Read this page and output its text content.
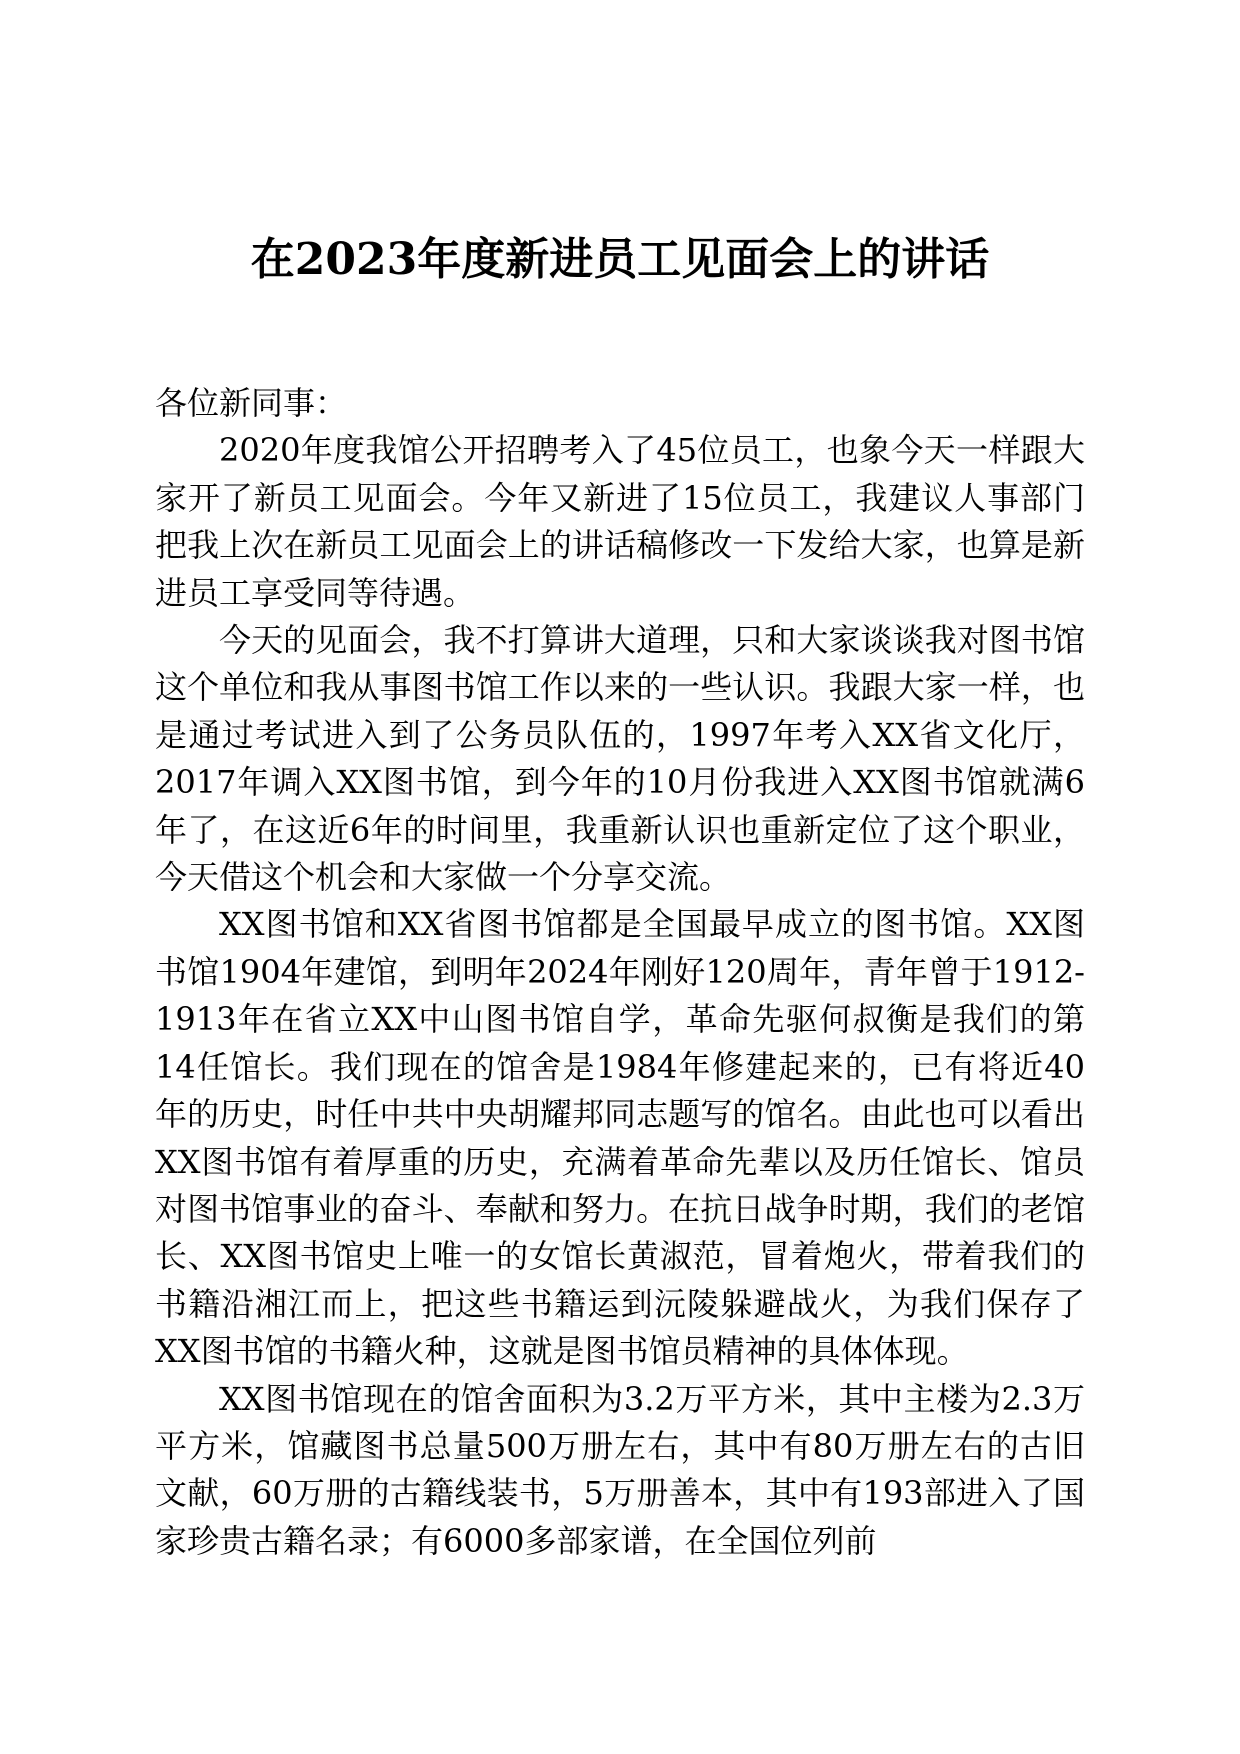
在2023年度新进员工见面会上的讲话

各位新同事：

2020年度我馆公开招聘考入了45位员工，也象今天一样跟大家开了新员工见面会。今年又新进了15位员工，我建议人事部门把我上次在新员工见面会上的讲话稿修改一下发给大家，也算是新进员工享受同等待遇。

今天的见面会，我不打算讲大道理，只和大家谈谈我对图书馆这个单位和我从事图书馆工作以来的一些认识。我跟大家一样，也是通过考试进入到了公务员队伍的，1997年考入XX省文化厅，2017年调入XX图书馆，到今年的10月份我进入XX图书馆就满6年了，在这近6年的时间里，我重新认识也重新定位了这个职业，今天借这个机会和大家做一个分享交流。

XX图书馆和XX省图书馆都是全国最早成立的图书馆。XX图书馆1904年建馆，到明年2024年刚好120周年，青年曾于1912-1913年在省立XX中山图书馆自学，革命先驱何叔衡是我们的第14任馆长。我们现在的馆舍是1984年修建起来的，已有将近40年的历史，时任中共中央胡耀邦同志题写的馆名。由此也可以看出XX图书馆有着厚重的历史，充满着革命先辈以及历任馆长、馆员对图书馆事业的奋斗、奉献和努力。在抗日战争时期，我们的老馆长、XX图书馆史上唯一的女馆长黄淑范，冒着炮火，带着我们的书籍沿湘江而上，把这些书籍运到沅陵躲避战火，为我们保存了XX图书馆的书籍火种，这就是图书馆员精神的具体体现。

XX图书馆现在的馆舍面积为3.2万平方米，其中主楼为2.3万平方米，馆藏图书总量500万册左右，其中有80万册左右的古旧文献，60万册的古籍线装书，5万册善本，其中有193部进入了国家珍贵古籍名录；有6000多部家谱，在全国位列前
